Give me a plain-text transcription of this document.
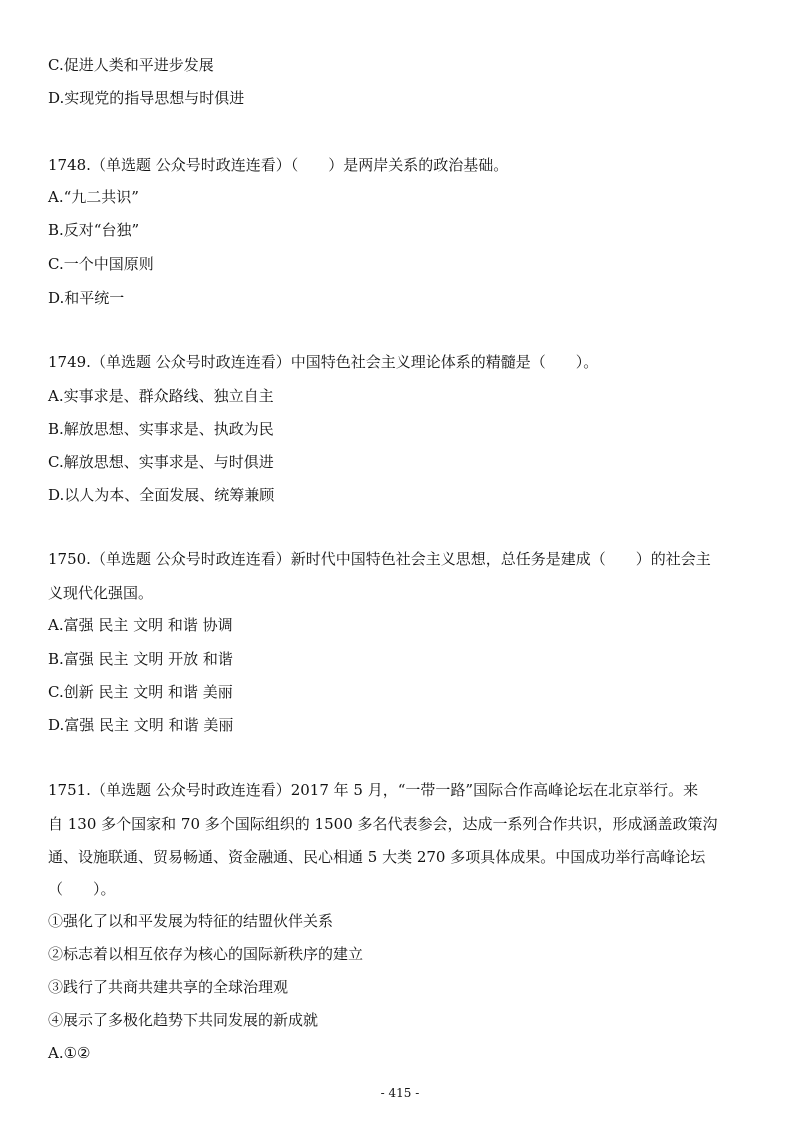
C.促进人类和平进步发展
D.实现党的指导思想与时俱进
1748.（单选题 公众号时政连连看）（　　）是两岸关系的政治基础。
A.“九二共识”
B.反对“台独”
C.一个中国原则
D.和平统一
1749.（单选题 公众号时政连连看）中国特色社会主义理论体系的精髓是（　　）。
A.实事求是、群众路线、独立自主
B.解放思想、实事求是、执政为民
C.解放思想、实事求是、与时俱进
D.以人为本、全面发展、统筹兼顾
1750.（单选题 公众号时政连连看）新时代中国特色社会主义思想，总任务是建成（　　）的社会主
义现代化强国。
A.富强 民主 文明 和谐 协调
B.富强 民主 文明 开放 和谐
C.创新 民主 文明 和谐 美丽
D.富强 民主 文明 和谐 美丽
1751.（单选题 公众号时政连连看）2017 年 5 月，“一带一路”国际合作高峰论坛在北京举行。来
自 130 多个国家和 70 多个国际组织的 1500 多名代表参会，达成一系列合作共识，形成涵盖政策沟
通、设施联通、贸易畅通、资金融通、民心相通 5 大类 270 多项具体成果。中国成功举行高峰论坛
（　　）。
①强化了以和平发展为特征的结盟伙伴关系
②标志着以相互依存为核心的国际新秩序的建立
③践行了共商共建共享的全球治理观
④展示了多极化趋势下共同发展的新成就
A.①②
- 415 -
